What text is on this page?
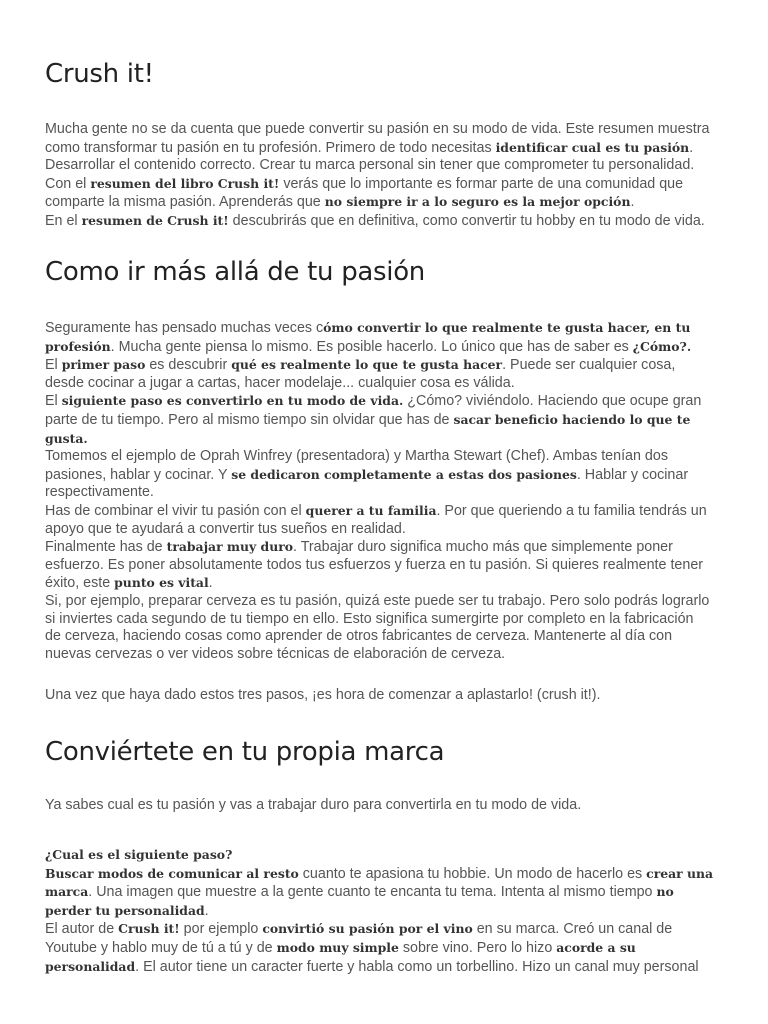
Crush it!

Mucha gente no se da cuenta que puede convertir su pasión en su modo de vida. Este resumen muestra como transformar tu pasión en tu profesión. Primero de todo necesitas identificar cual es tu pasión. Desarrollar el contenido correcto. Crear tu marca personal sin tener que comprometer tu personalidad. Con el resumen del libro Crush it! verás que lo importante es formar parte de una comunidad que comparte la misma pasión. Aprenderás que no siempre ir a lo seguro es la mejor opción.
En el resumen de Crush it! descubrirás que en definitiva, como convertir tu hobby en tu modo de vida.

Como ir más allá de tu pasión

Seguramente has pensado muchas veces cómo convertir lo que realmente te gusta hacer, en tu profesión. Mucha gente piensa lo mismo. Es posible hacerlo. Lo único que has de saber es ¿Cómo?.
El primer paso es descubrir qué es realmente lo que te gusta hacer. Puede ser cualquier cosa, desde cocinar a jugar a cartas, hacer modelaje... cualquier cosa es válida.
El siguiente paso es convertirlo en tu modo de vida. ¿Cómo? viviéndolo. Haciendo que ocupe gran parte de tu tiempo. Pero al mismo tiempo sin olvidar que has de sacar beneficio haciendo lo que te gusta.
Tomemos el ejemplo de Oprah Winfrey (presentadora) y Martha Stewart (Chef). Ambas tenían dos pasiones, hablar y cocinar. Y se dedicaron completamente a estas dos pasiones. Hablar y cocinar respectivamente.
Has de combinar el vivir tu pasión con el querer a tu familia. Por que queriendo a tu familia tendrás un apoyo que te ayudará a convertir tus sueños en realidad.
Finalmente has de trabajar muy duro. Trabajar duro significa mucho más que simplemente poner esfuerzo. Es poner absolutamente todos tus esfuerzos y fuerza en tu pasión. Si quieres realmente tener éxito, este punto es vital.
Si, por ejemplo, preparar cerveza es tu pasión, quizá este puede ser tu trabajo. Pero solo podrás lograrlo si inviertes cada segundo de tu tiempo en ello. Esto significa sumergirte por completo en la fabricación de cerveza, haciendo cosas como aprender de otros fabricantes de cerveza. Mantenerte al día con nuevas cervezas o ver videos sobre técnicas de elaboración de cerveza.

Una vez que haya dado estos tres pasos, ¡es hora de comenzar a aplastarlo! (crush it!).

Conviértete en tu propia marca

Ya sabes cual es tu pasión y vas a trabajar duro para convertirla en tu modo de vida.

¿Cual es el siguiente paso?
Buscar modos de comunicar al resto cuanto te apasiona tu hobbie. Un modo de hacerlo es crear una marca. Una imagen que muestre a la gente cuanto te encanta tu tema. Intenta al mismo tiempo no perder tu personalidad.
El autor de Crush it! por ejemplo convirtió su pasión por el vino en su marca. Creó un canal de Youtube y hablo muy de tú a tú y de modo muy simple sobre vino. Pero lo hizo acorde a su personalidad. El autor tiene un caracter fuerte y habla como un torbellino. Hizo un canal muy personal
